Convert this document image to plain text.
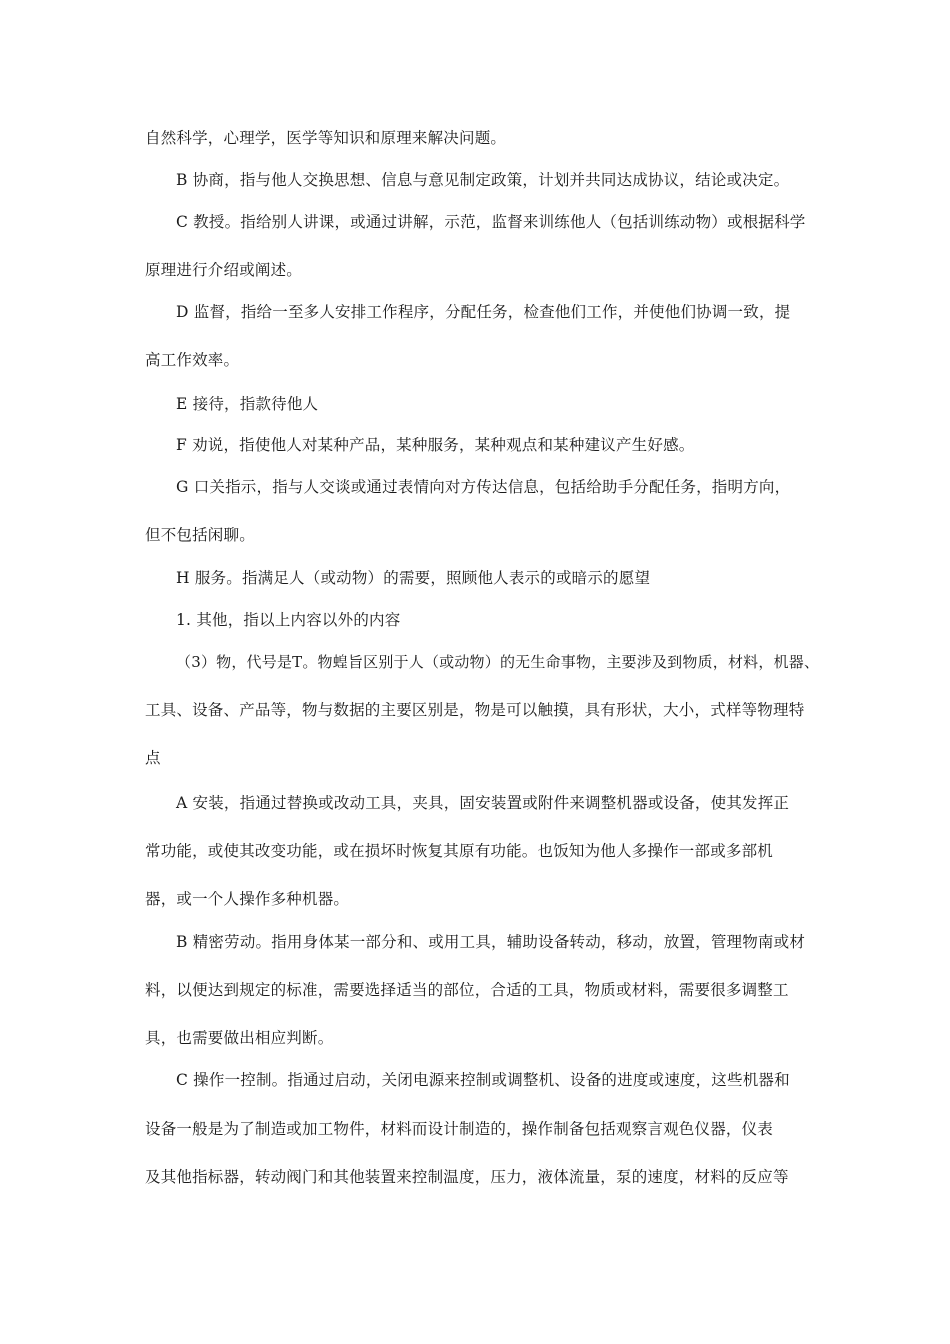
自然科学，心理学，医学等知识和原理来解决问题。
B 协商，指与他人交换思想、信息与意见制定政策，计划并共同达成协议，结论或决定。
C 教授。指给别人讲课，或通过讲解，示范，监督来训练他人（包括训练动物）或根据科学
原理进行介绍或阐述。
D 监督，指给一至多人安排工作程序，分配任务，检查他们工作，并使他们协调一致，提
高工作效率。
E 接待，指款待他人
F 劝说，指使他人对某种产品，某种服务，某种观点和某种建议产生好感。
G 口关指示，指与人交谈或通过表情向对方传达信息，包括给助手分配任务，指明方向，
但不包括闲聊。
H 服务。指满足人（或动物）的需要，照顾他人表示的或暗示的愿望
1. 其他，指以上内容以外的内容
（3）物，代号是T。物蝗旨区别于人（或动物）的无生命事物，主要涉及到物质，材料，机器、
工具、设备、产品等，物与数据的主要区别是，物是可以触摸，具有形状，大小，式样等物理特
点
A 安装，指通过替换或改动工具，夹具，固安装置或附件来调整机器或设备，使其发挥正
常功能，或使其改变功能，或在损坏时恢复其原有功能。也饭知为他人多操作一部或多部机
器，或一个人操作多种机器。
B 精密劳动。指用身体某一部分和、或用工具，辅助设备转动，移动，放置，管理物南或材
料，以便达到规定的标准，需要选择适当的部位，合适的工具，物质或材料，需要很多调整工
具，也需要做出相应判断。
C 操作一控制。指通过启动，关闭电源来控制或调整机、设备的进度或速度，这些机器和
设备一般是为了制造或加工物件，材料而设计制造的，操作制备包括观察言观色仪器，仪表
及其他指标器，转动阀门和其他装置来控制温度，压力，液体流量，泵的速度，材料的反应等
